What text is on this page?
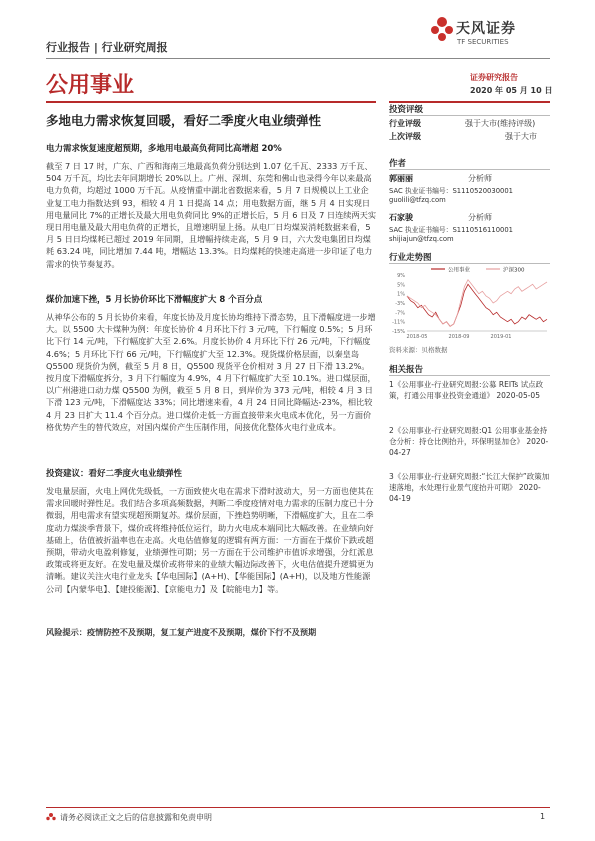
行业报告 | 行业研究周报
天风证券
TF SECURITIES
公用事业
多地电力需求恢复回暖，看好二季度火电业绩弹性
电力需求恢复速度超预期，多地用电最高负荷同比高增超 20%
截至 7 日 17 时，广东、广西和海南三地最高负荷分别达到 1.07 亿千瓦、2333 万千瓦、504 万千瓦，均比去年同期增长 20%以上。广州、深圳、东莞和佛山也录得今年以来最高电力负荷，均超过 1000 万千瓦。从疫情重中湖北省数据来看，5 月 7 日规模以上工业企业复工电力指数达到 93，相较 4 月 1 日提高 14 点；用电数据方面，继 5 月 4 日实现日用电量同比 7%的正增长及最大用电负荷同比 9%的正增长后，5 月 6 日及 7 日连续两天实现日用电量及最大用电负荷的正增长，且增速明显上扬。从电厂日均煤炭消耗数据来看，5 月 5 日日均煤耗已超过 2019 年同期，且增幅持续走高，5 月 9 日，六大发电集团日均煤耗 63.24 吨，同比增加 7.44 吨，增幅达 13.3%。日均煤耗的快速走高进一步印证了电力需求的快节奏复苏。
煤价加速下挫，5 月长协价环比下滑幅度扩大 8 个百分点
从神华公布的 5 月长协价来看，年度长协及月度长协均维持下滑态势，且下滑幅度进一步增大。以 5500 大卡煤种为例：年度长协价 4 月环比下行 3 元/吨，下行幅度 0.5%；5 月环比下行 14 元/吨，下行幅度扩大至 2.6%。月度长协价 4 月环比下行 26 元/吨，下行幅度 4.6%；5 月环比下行 66 元/吨，下行幅度扩大至 12.3%。现货煤价格层面，以秦皇岛 Q5500 现货价为例，截至 5 月 8 日，Q5500 现货平仓价相对 3 月 27 日下滑 13.2%。按月度下滑幅度拆分，3 月下行幅度为 4.9%，4 月下行幅度扩大至 10.1%。进口煤层面，以广州港进口动力煤 Q5500 为例，截至 5 月 8 日，到岸价为 373 元/吨，相较 4 月 3 日下滑 123 元/吨，下滑幅度达 33%；同比增速来看，4 月 24 日同比降幅达-23%，相比较 4 月 23 日扩大 11.4 个百分点。进口煤价走低一方面直接带来火电成本优化，另一方面价格优势产生的替代效应，对国内煤价产生压制作用，间接优化整体火电行业成本。
投资建议：看好二季度火电业绩弹性
发电量层面，火电上网优先级低，一方面致使火电在需求下滑时波动大，另一方面也使其在需求回暖时弹性足。我们结合多项高频数据，判断二季度疫情对电力需求的压制力度已十分微弱，用电需求有望实现超预期复苏。煤价层面，下挫趋势明晰，下滑幅度扩大，且在二季度动力煤淡季背景下，煤价或将维持低位运行，助力火电成本端同比大幅改善。在业绩向好基础上，估值被折溢率也在走高。火电估值修复的逻辑有两方面：一方面在于煤价下跌或超预期，带动火电盈利修复，业绩弹性可期；另一方面在于公司维护市值诉求增强，分红派息政策或将更友好。在发电量及煤价或将带来的业绩大幅边际改善下，火电估值提升逻辑更为清晰。建议关注火电行业龙头【华电国际】(A+H)、【华能国际】(A+H)，以及地方性能源公司【内蒙华电】、【建投能源】、【京能电力】及【皖能电力】等。
风险提示：疫情防控不及预期，复工复产进度不及预期，煤价下行不及预期
证券研究报告
2020 年 05 月 10 日
投资评级
行业评级	强于大市(维持评级)
上次评级	强于大市
作者
郭丽丽	分析师
SAC 执业证书编号：S1110520030001
guolili@tfzq.com
石家骏	分析师
SAC 执业证书编号：S1110516110001
shijiajun@tfzq.com
行业走势图
公用事业	沪深300
9%
5%
1%
-3%
-7%
-11%
-15%
2018-05	2018-09	2019-01
资料来源：贝格数据
相关报告
1《公用事业-行业研究周报:公募 REITs 试点政策，打通公用事业投资金通道》 2020-05-05
2《公用事业-行业研究周报:Q1 公用事业基金持仓分析：持仓比例抬升，环保明显加仓》 2020-04-27
3《公用事业-行业研究周报:“长江大保护”政策加速落地，水处理行业景气度抬升可期》 2020-04-19
请务必阅读正文之后的信息披露和免责申明	1
